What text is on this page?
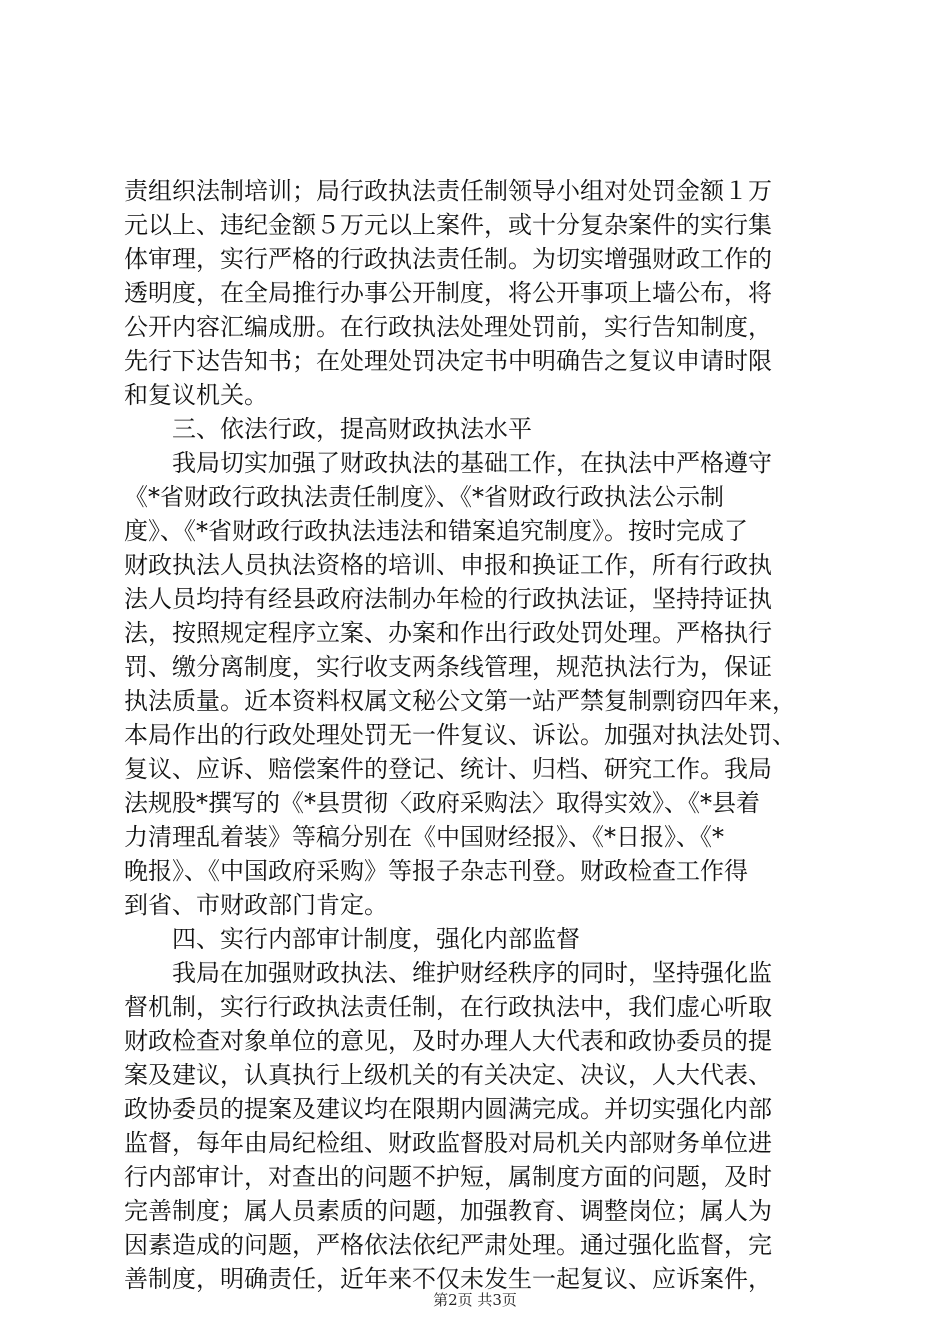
责组织法制培训；局行政执法责任制领导小组对处罚金额１万
元以上、违纪金额５万元以上案件，或十分复杂案件的实行集
体审理，实行严格的行政执法责任制。为切实增强财政工作的
透明度，在全局推行办事公开制度，将公开事项上墙公布，将
公开内容汇编成册。在行政执法处理处罚前，实行告知制度，
先行下达告知书；在处理处罚决定书中明确告之复议申请时限
和复议机关。
三、依法行政，提高财政执法水平
我局切实加强了财政执法的基础工作，在执法中严格遵守
《*省财政行政执法责任制度》、《*省财政行政执法公示制
度》、《*省财政行政执法违法和错案追究制度》。按时完成了
财政执法人员执法资格的培训、申报和换证工作，所有行政执
法人员均持有经县政府法制办年检的行政执法证，坚持持证执
法，按照规定程序立案、办案和作出行政处罚处理。严格执行
罚、缴分离制度，实行收支两条线管理，规范执法行为，保证
执法质量。近本资料权属文秘公文第一站严禁复制剽窃四年来，
本局作出的行政处理处罚无一件复议、诉讼。加强对执法处罚、
复议、应诉、赔偿案件的登记、统计、归档、研究工作。我局
法规股*撰写的《*县贯彻〈政府采购法〉取得实效》、《*县着
力清理乱着装》等稿分别在《中国财经报》、《*日报》、《*
晚报》、《中国政府采购》等报子杂志刊登。财政检查工作得
到省、市财政部门肯定。
四、实行内部审计制度，强化内部监督
我局在加强财政执法、维护财经秩序的同时，坚持强化监
督机制，实行行政执法责任制，在行政执法中，我们虚心听取
财政检查对象单位的意见，及时办理人大代表和政协委员的提
案及建议，认真执行上级机关的有关决定、决议，人大代表、
政协委员的提案及建议均在限期内圆满完成。并切实强化内部
监督，每年由局纪检组、财政监督股对局机关内部财务单位进
行内部审计，对查出的问题不护短，属制度方面的问题，及时
完善制度；属人员素质的问题，加强教育、调整岗位；属人为
因素造成的问题，严格依法依纪严肃处理。通过强化监督，完
善制度，明确责任，近年来不仅未发生一起复议、应诉案件，
第2页 共3页
